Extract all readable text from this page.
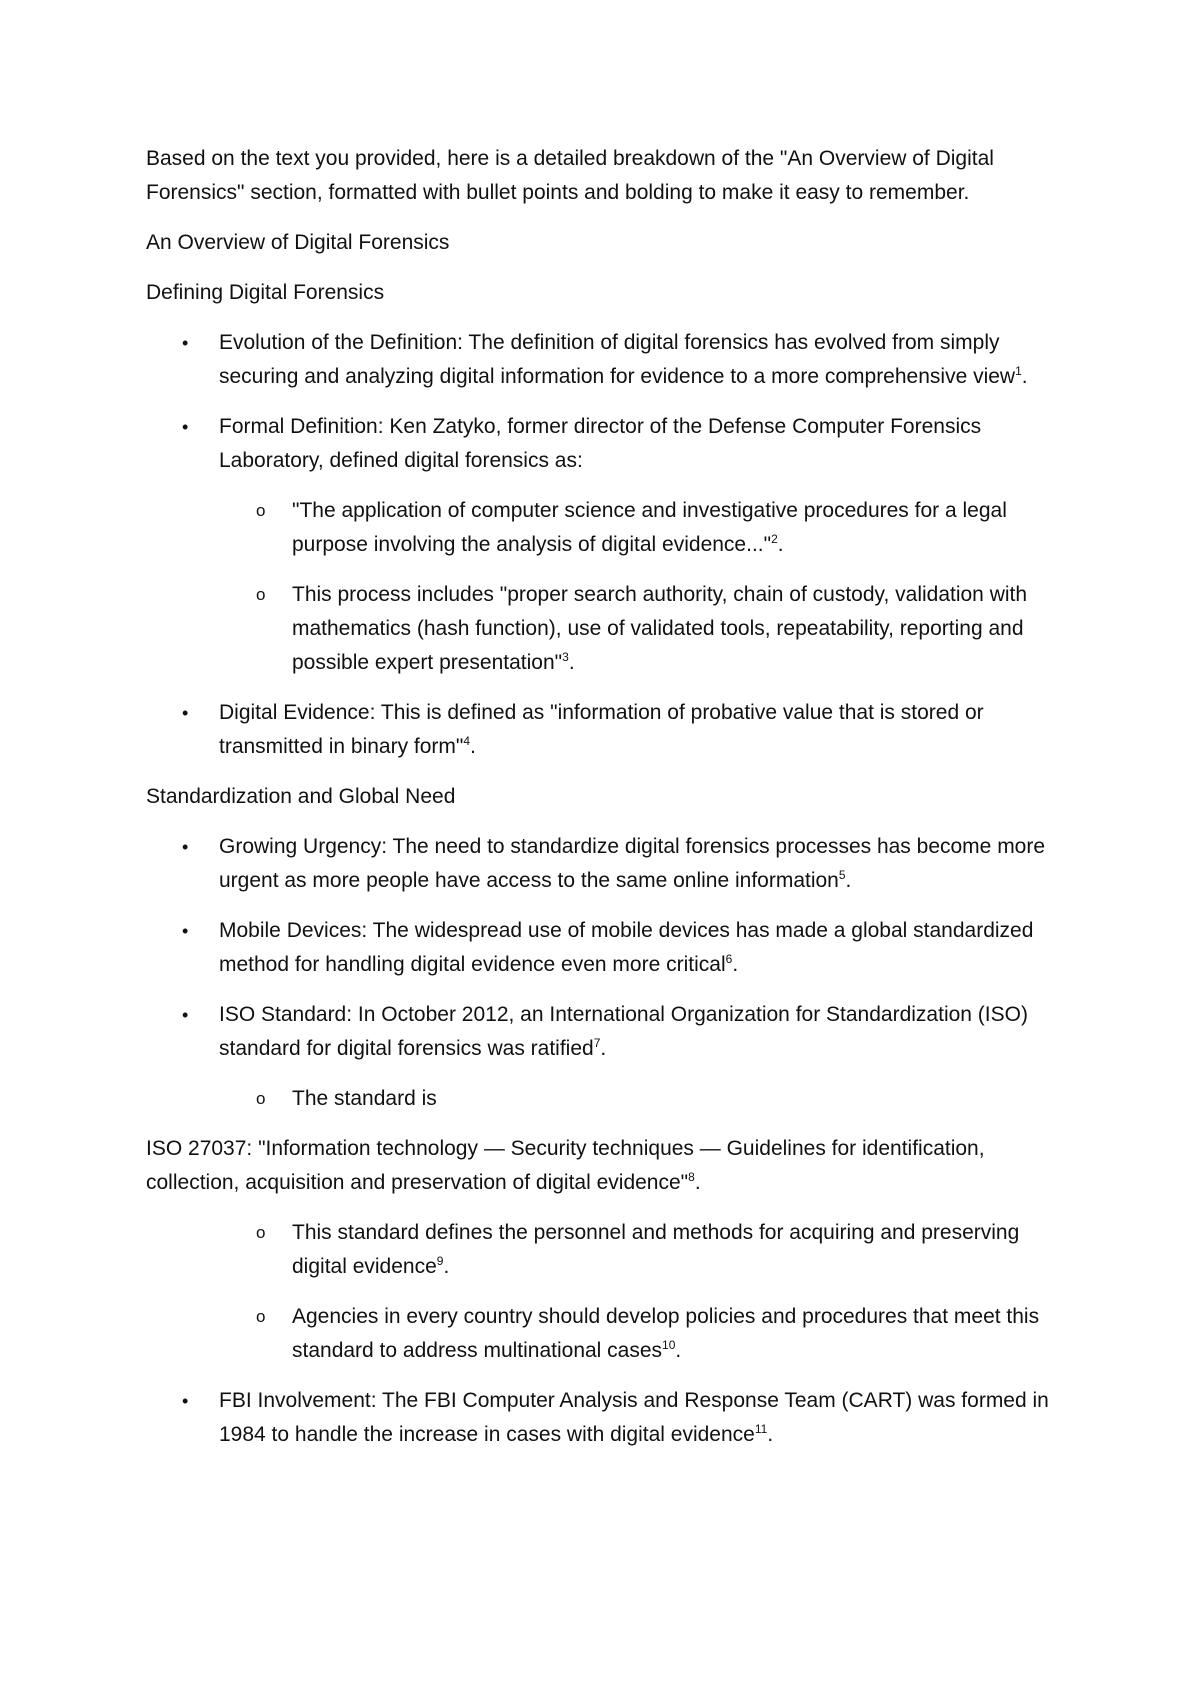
Based on the text you provided, here is a detailed breakdown of the "An Overview of Digital Forensics" section, formatted with bullet points and bolding to make it easy to remember.

An Overview of Digital Forensics

Defining Digital Forensics

• Evolution of the Definition: The definition of digital forensics has evolved from simply securing and analyzing digital information for evidence to a more comprehensive view$^1$.
• Formal Definition: Ken Zatyko, former director of the Defense Computer Forensics Laboratory, defined digital forensics as:
o "The application of computer science and investigative procedures for a legal purpose involving the analysis of digital evidence..."$^2$.
o This process includes "proper search authority, chain of custody, validation with mathematics (hash function), use of validated tools, repeatability, reporting and possible expert presentation"$^3$.
• Digital Evidence: This is defined as "information of probative value that is stored or transmitted in binary form"$^4$.

Standardization and Global Need

• Growing Urgency: The need to standardize digital forensics processes has become more urgent as more people have access to the same online information$^5$.
• Mobile Devices: The widespread use of mobile devices has made a global standardized method for handling digital evidence even more critical$^6$.
• ISO Standard: In October 2012, an International Organization for Standardization (ISO) standard for digital forensics was ratified$^7$.
o The standard is

ISO 27037: "Information technology — Security techniques — Guidelines for identification, collection, acquisition and preservation of digital evidence"$^8$.

o This standard defines the personnel and methods for acquiring and preserving digital evidence$^9$.
o Agencies in every country should develop policies and procedures that meet this standard to address multinational cases$^{10}$.
• FBI Involvement: The FBI Computer Analysis and Response Team (CART) was formed in 1984 to handle the increase in cases with digital evidence$^{11}$.
